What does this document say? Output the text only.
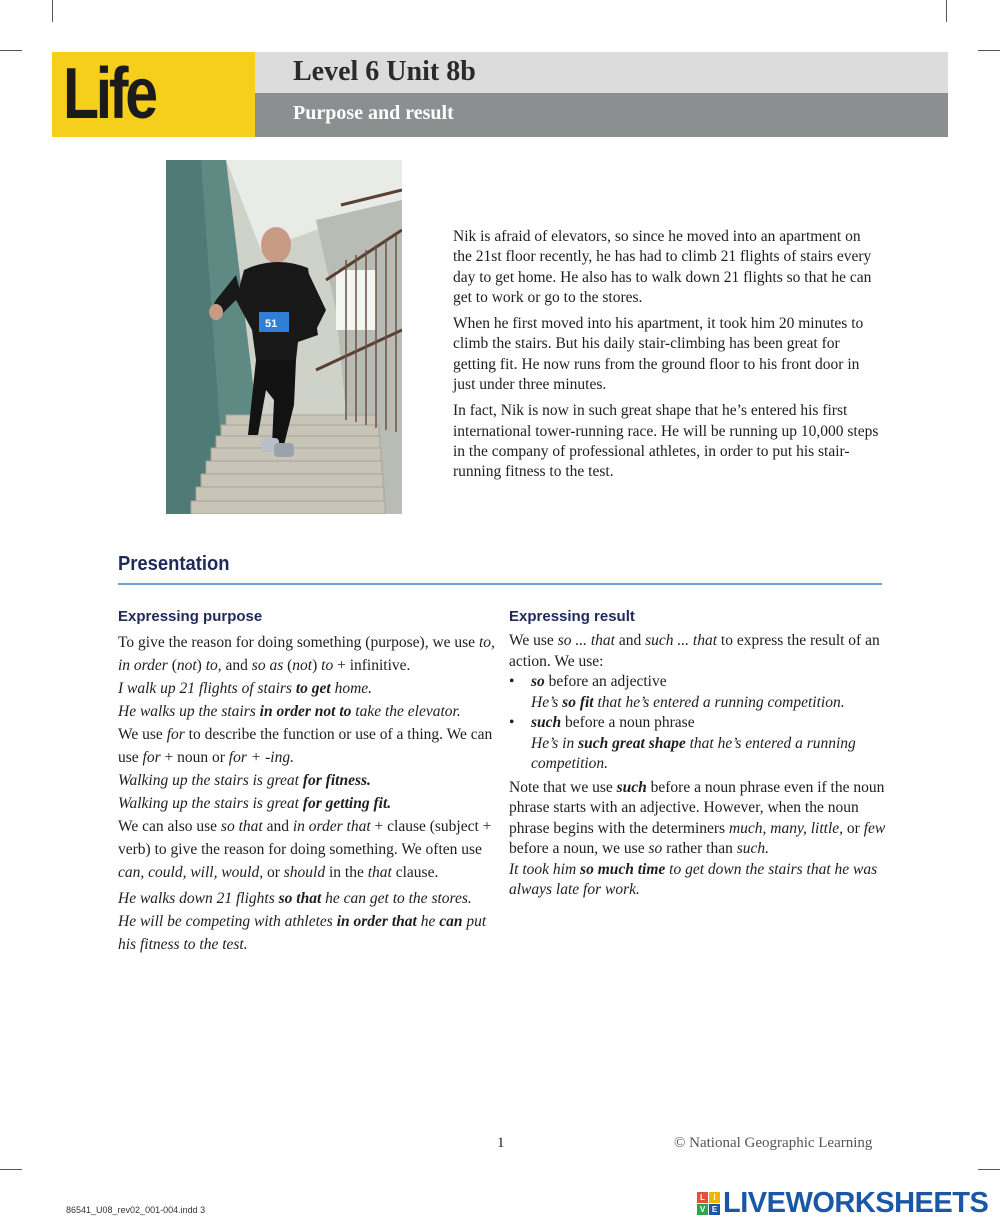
Life	Level 6 Unit 8b
Purpose and result
51

Nik is afraid of elevators, so since he moved into an apartment on the 21st floor recently, he has had to climb 21 flights of stairs every day to get home. He also has to walk down 21 flights so that he can get to work or go to the stores.

When he first moved into his apartment, it took him 20 minutes to climb the stairs. But his daily stair-climbing has been great for getting fit. He now runs from the ground floor to his front door in just under three minutes.

In fact, Nik is now in such great shape that he’s entered his first international tower-running race. He will be running up 10,000 steps in the company of professional athletes, in order to put his stair-running fitness to the test.

Presentation
Expressing purpose

To give the reason for doing something (purpose), we use to, in order (not) to, and so as (not) to + infinitive.

I walk up 21 flights of stairs to get home.

He walks up the stairs in order not to take the elevator.

We use for to describe the function or use of a thing. We can use for + noun or for + -ing.

Walking up the stairs is great for fitness.

Walking up the stairs is great for getting fit.

We can also use so that and in order that + clause (subject + verb) to give the reason for doing something. We often use can, could, will, would, or should in the that clause.

He walks down 21 flights so that he can get to the stores.

He will be competing with athletes in order that he can put his fitness to the test.

Expressing result

We use so ... that and such ... that to express the result of an action. We use:

• so before an adjective

He’s so fit that he’s entered a running competition.

• such before a noun phrase

He’s in such great shape that he’s entered a running competition.

Note that we use such before a noun phrase even if the noun phrase starts with an adjective. However, when the noun phrase begins with the determiners much, many, little, or few before a noun, we use so rather than such.

It took him so much time to get down the stairs that he was always late for work.

1	© National Geographic Learning
86541_U08_rev02_001-004.indd 3
L	I
V E LIVEWORKSHEETS
